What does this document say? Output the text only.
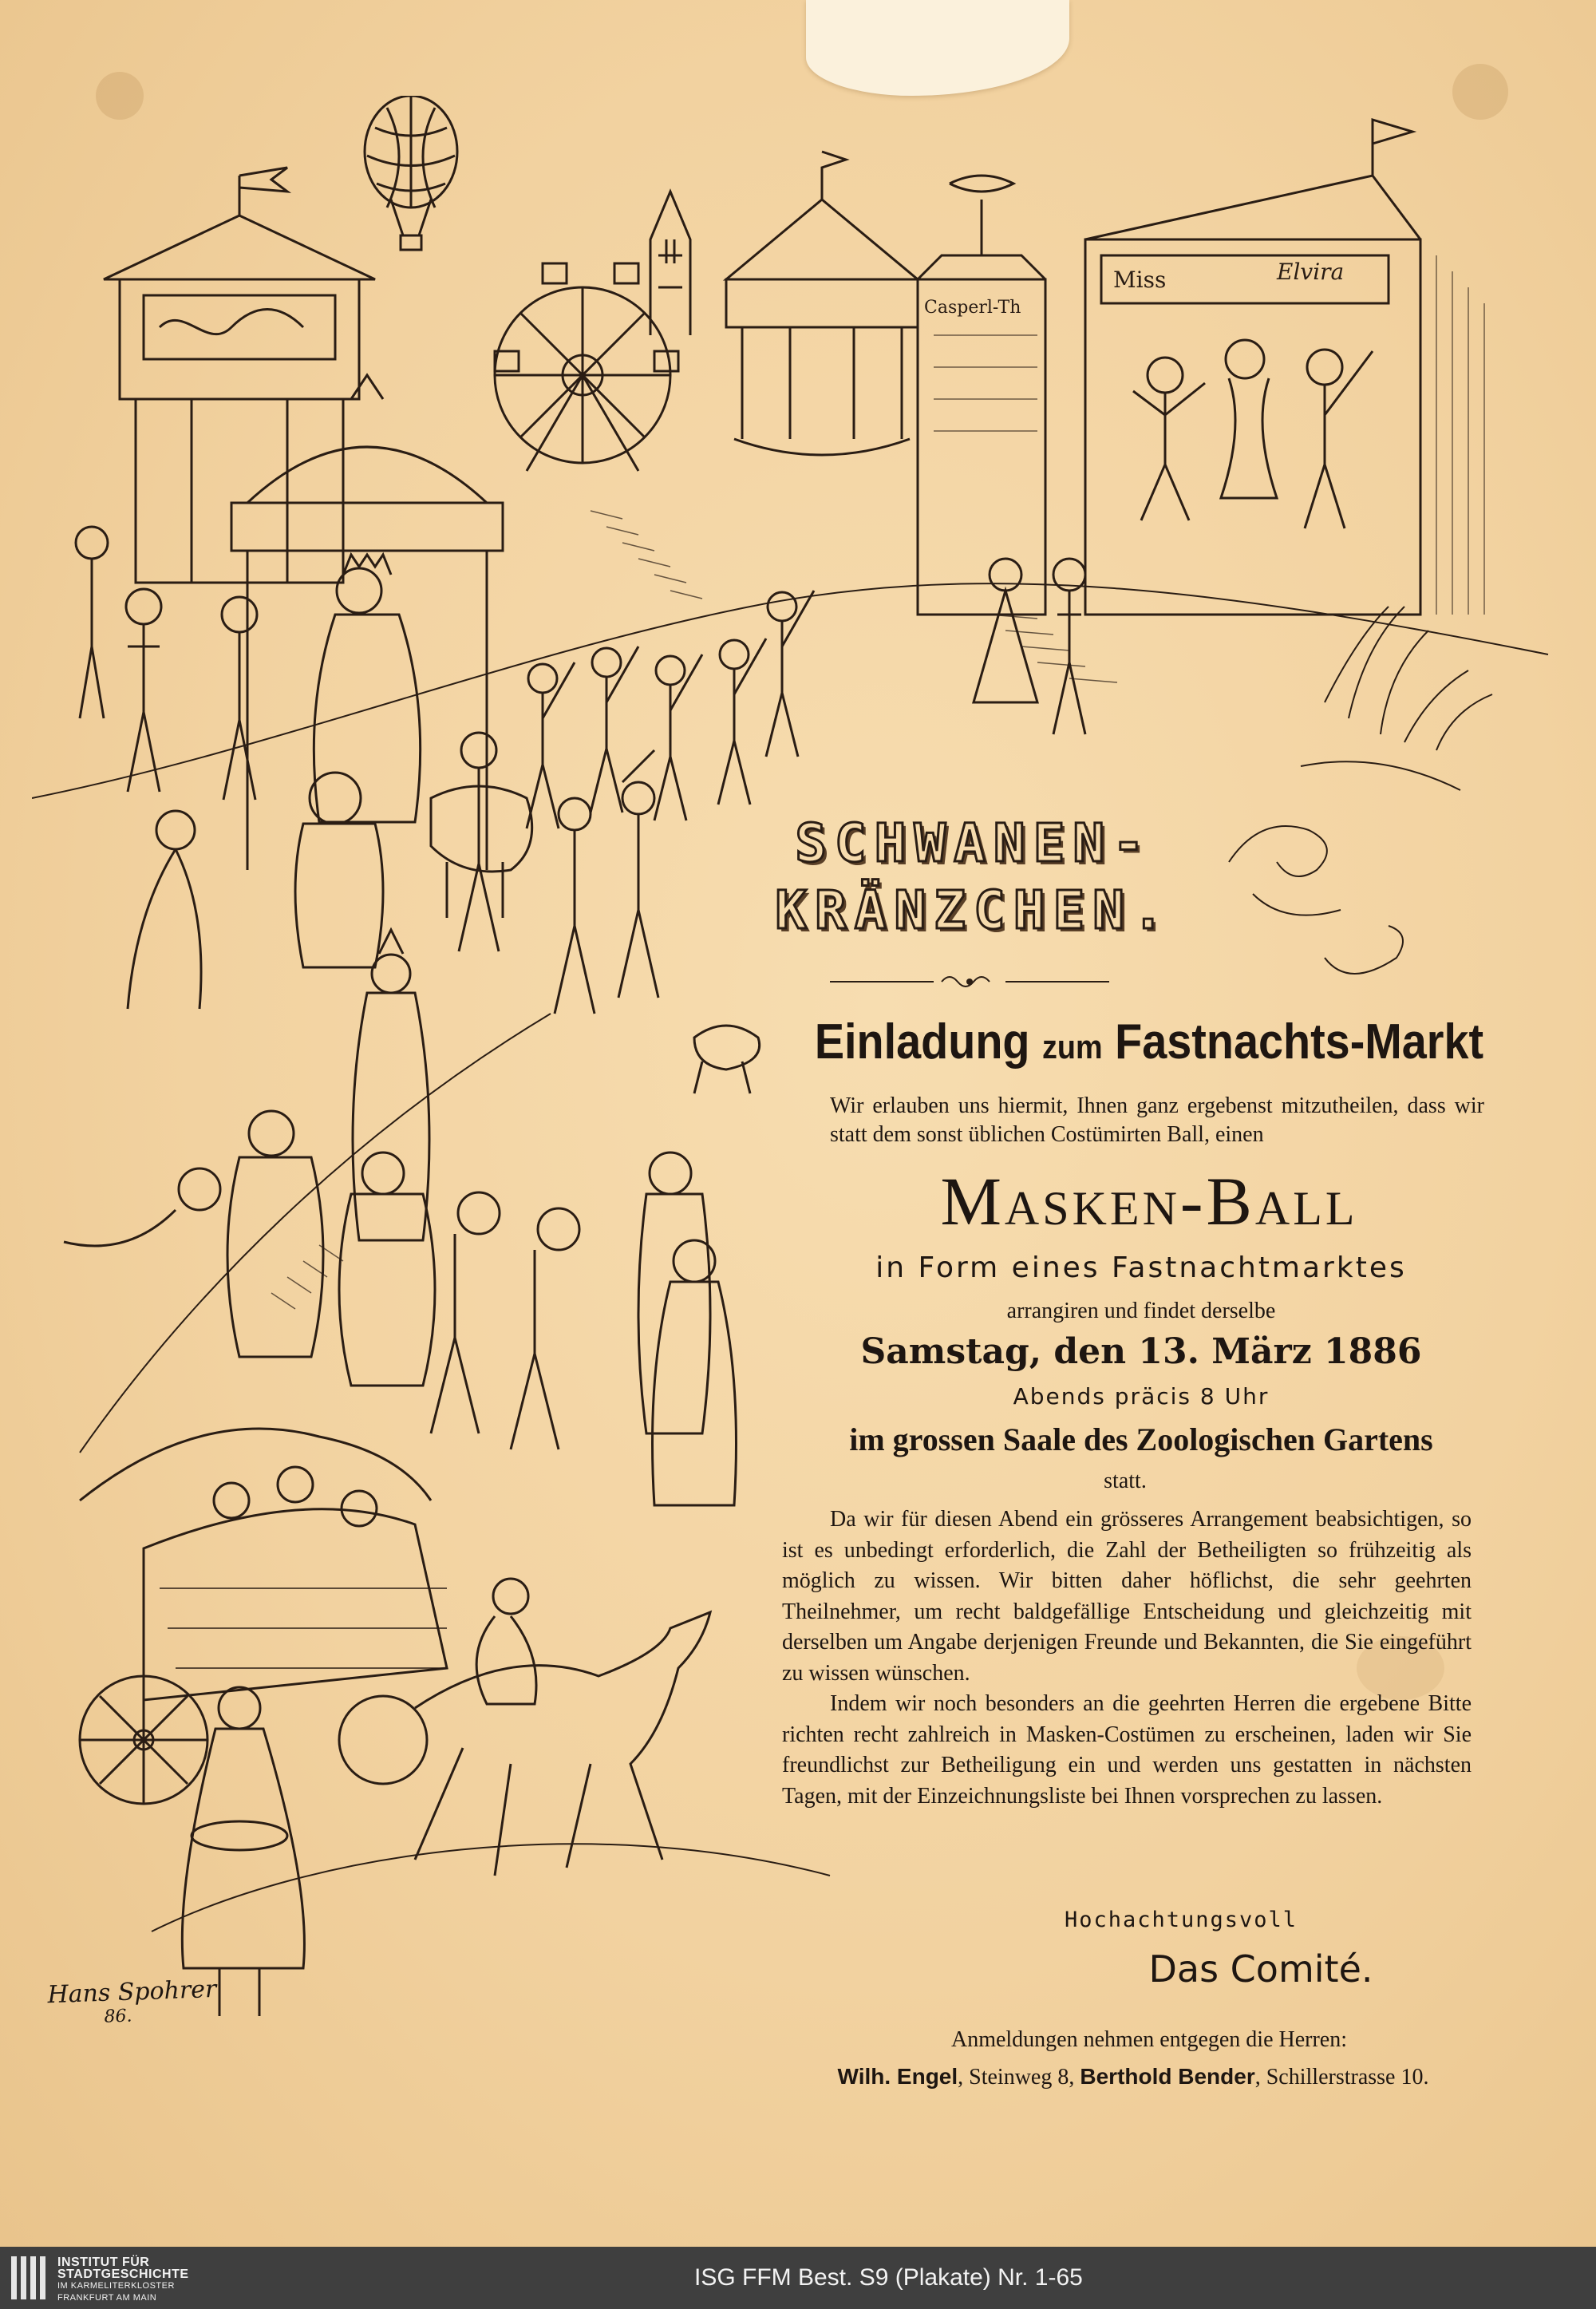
Miss	Elvira
Casperl-Th
SCHWANEN-
KRÄNZCHEN.
Einladung zum Fastnachts-Markt
Wir erlauben uns hiermit, Ihnen ganz ergebenst mitzutheilen, dass wir statt dem sonst üblichen Costümirten Ball, einen
Masken-Ball
in Form eines Fastnachtmarktes
arrangiren und findet derselbe
Samstag, den 13. März 1886
Abends präcis 8 Uhr
im grossen Saale des Zoologischen Gartens
statt.

Da wir für diesen Abend ein grösseres Arrangement beabsichtigen, so ist es unbedingt erforderlich, die Zahl der Betheiligten so frühzeitig als möglich zu wissen. Wir bitten daher höflichst, die sehr geehrten Theilnehmer, um recht baldgefällige Entscheidung und gleichzeitig mit derselben um Angabe derjenigen Freunde und Bekannten, die Sie eingeführt zu wissen wünschen.

Indem wir noch besonders an die geehrten Herren die ergebene Bitte richten recht zahlreich in Masken-Costümen zu erscheinen, laden wir Sie freundlichst zur Betheiligung ein und werden uns gestatten in nächsten Tagen, mit der Einzeichnungsliste bei Ihnen vorsprechen zu lassen.

Hochachtungsvoll
Das Comité.
Anmeldungen nehmen entgegen die Herren:
Wilh. Engel, Steinweg 8, Berthold Bender, Schillerstrasse 10.
Hans Spohrer
86.
INSTITUT FÜR
STADTGESCHICHTE
IM KARMELITERKLOSTER
FRANKFURT AM MAIN
ISG FFM Best. S9 (Plakate) Nr. 1-65
